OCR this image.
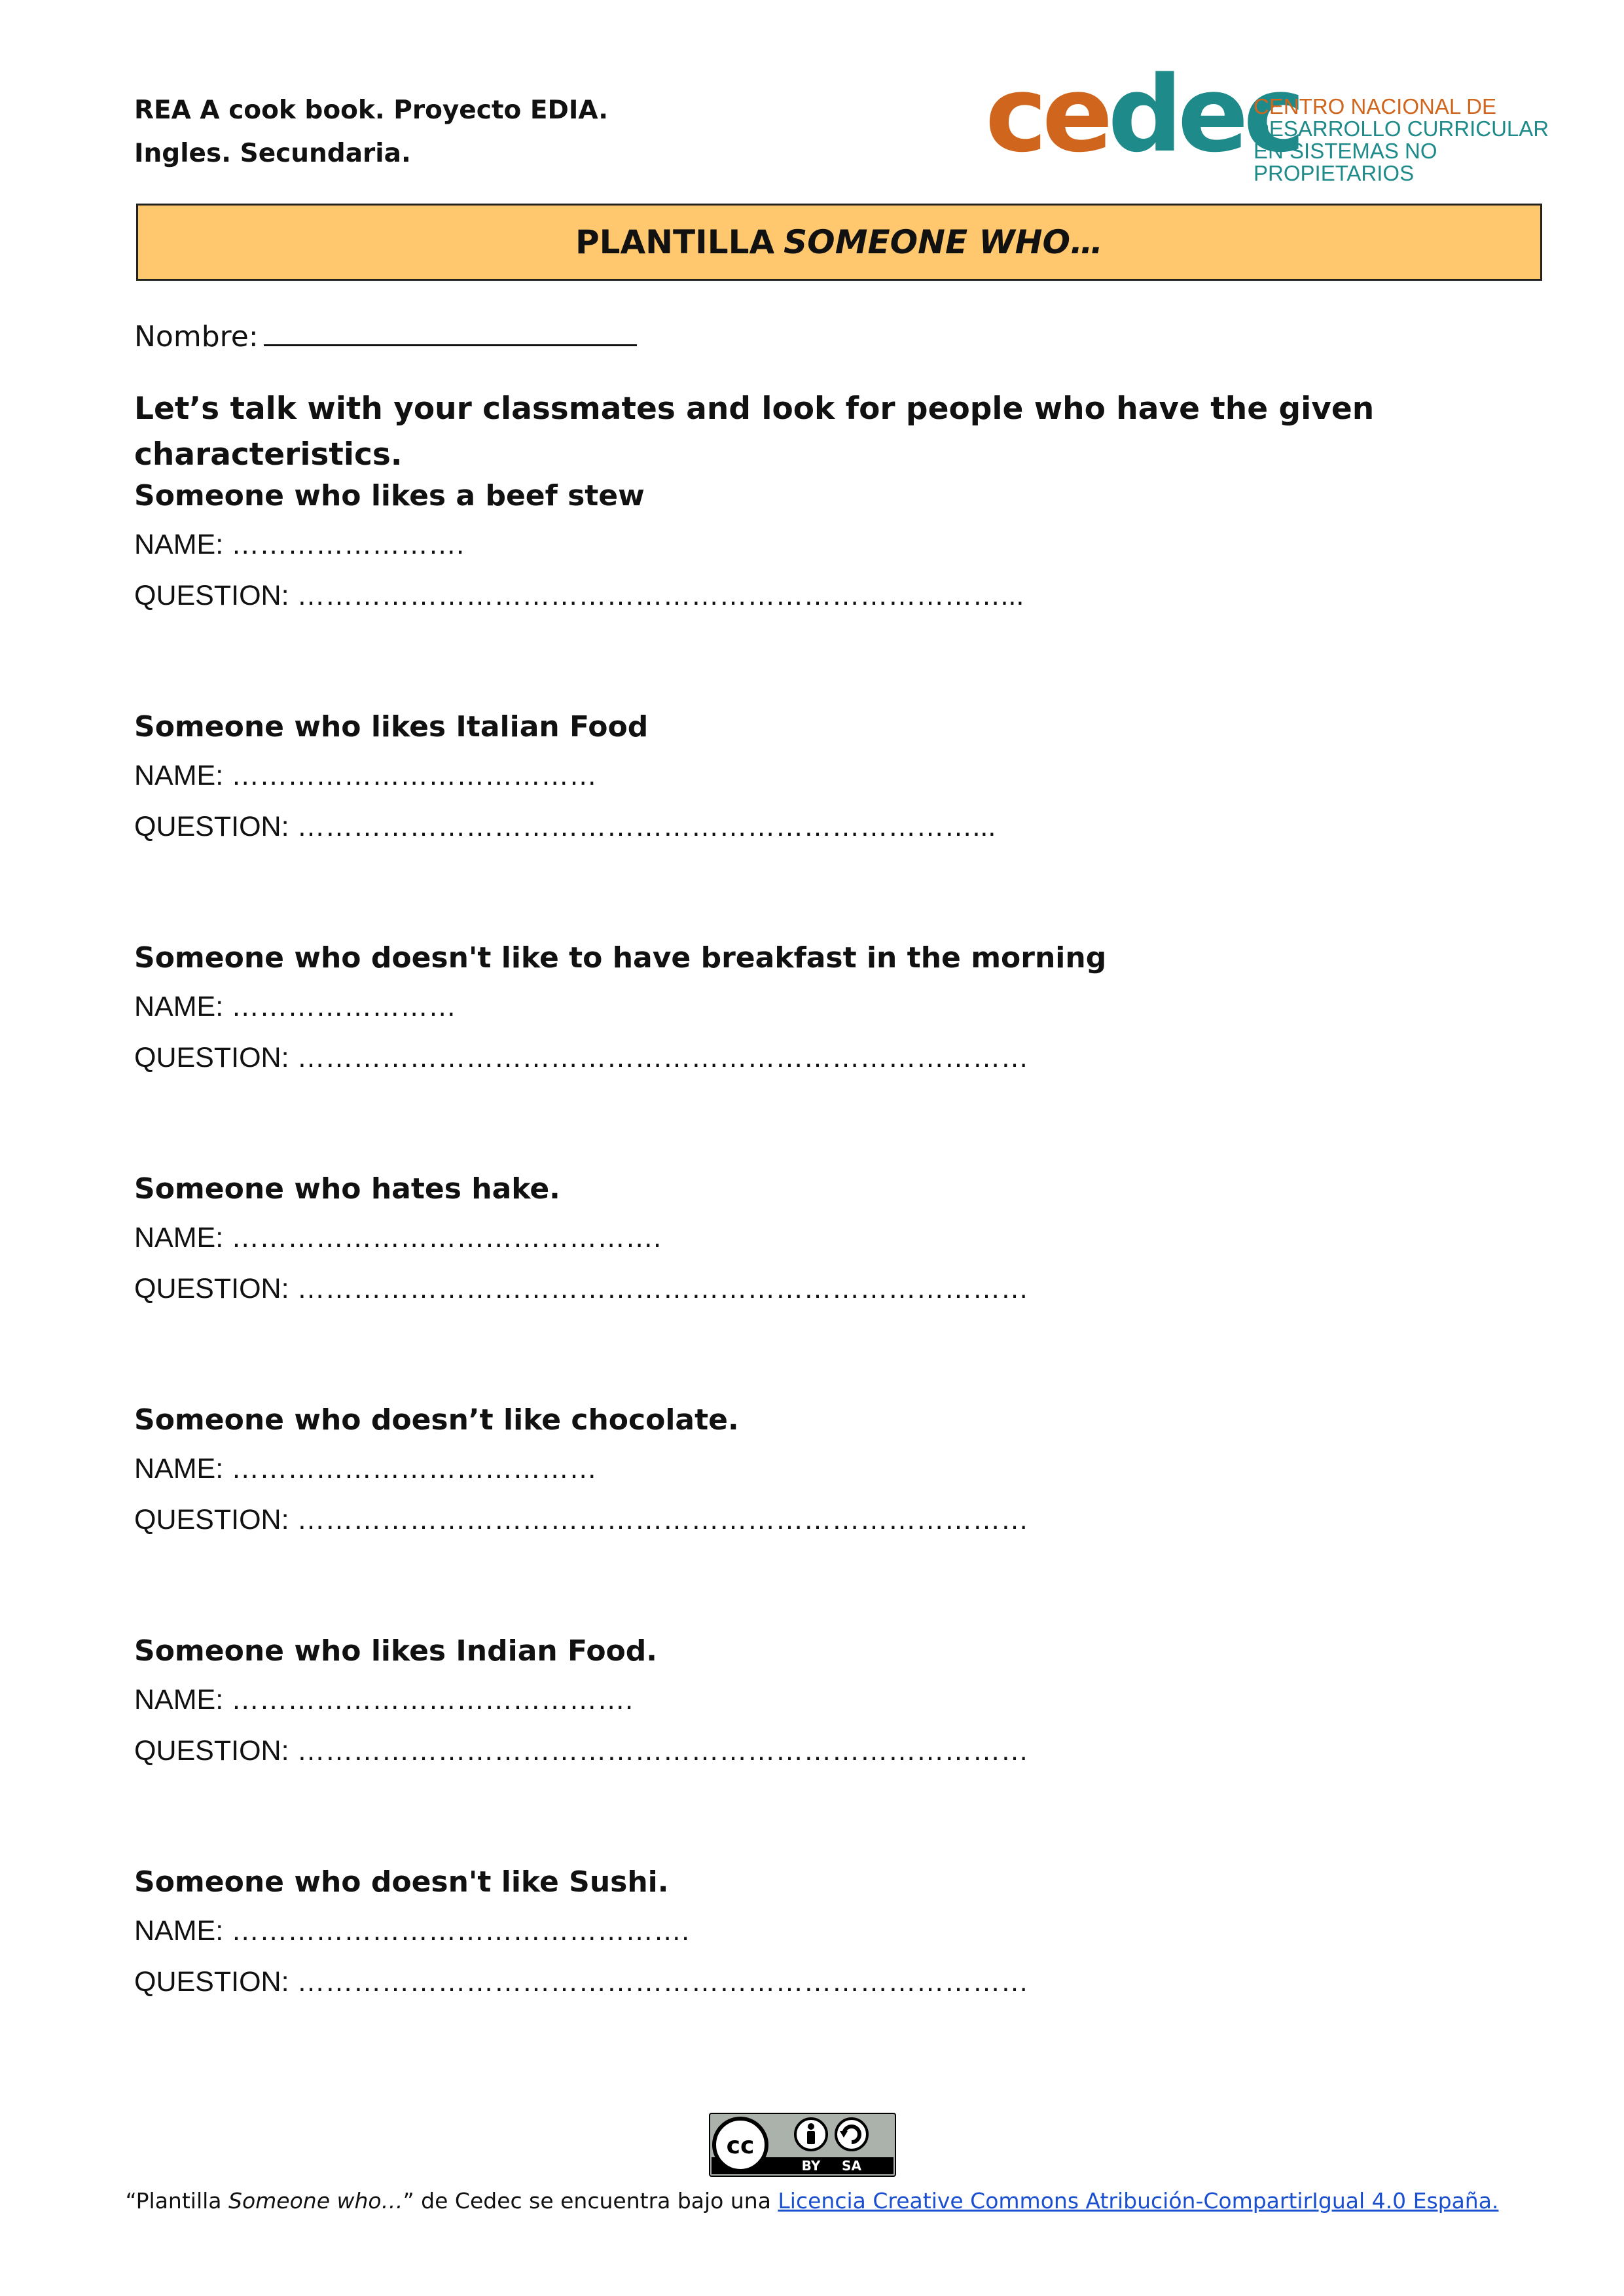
REA A cook book. Proyecto EDIA.
Ingles. Secundaria.	cedec
CENTRO NACIONAL DE
DESARROLLO CURRICULAR
EN SISTEMAS NO PROPIETARIOS
PLANTILLA SOMEONE WHO…
Nombre:
Let’s talk with your classmates and look for people who have the given characteristics.
Someone who likes a beef stew
NAME: …………………….
QUESTION: …………………………………………………………………...
Someone who likes Italian Food
NAME: …………………………………
QUESTION: ………………………………………………………………...
Someone who doesn't like to have breakfast in the morning
NAME: ……………………
QUESTION: ……………………………………………………………………
Someone who hates hake.
NAME: ……………………………………….
QUESTION: ……………………………………………………………………
Someone who doesn’t like chocolate.
NAME: …………………………………
QUESTION: ……………………………………………………………………
Someone who likes Indian Food.
NAME: …………………………………….
QUESTION: ……………………………………………………………………
Someone who doesn't like Sushi.
NAME: ………………………………………….
QUESTION: ……………………………………………………………………
cc
BY SA
“Plantilla Someone who…” de Cedec se encuentra bajo una Licencia Creative Commons Atribución-CompartirIgual 4.0 España.
